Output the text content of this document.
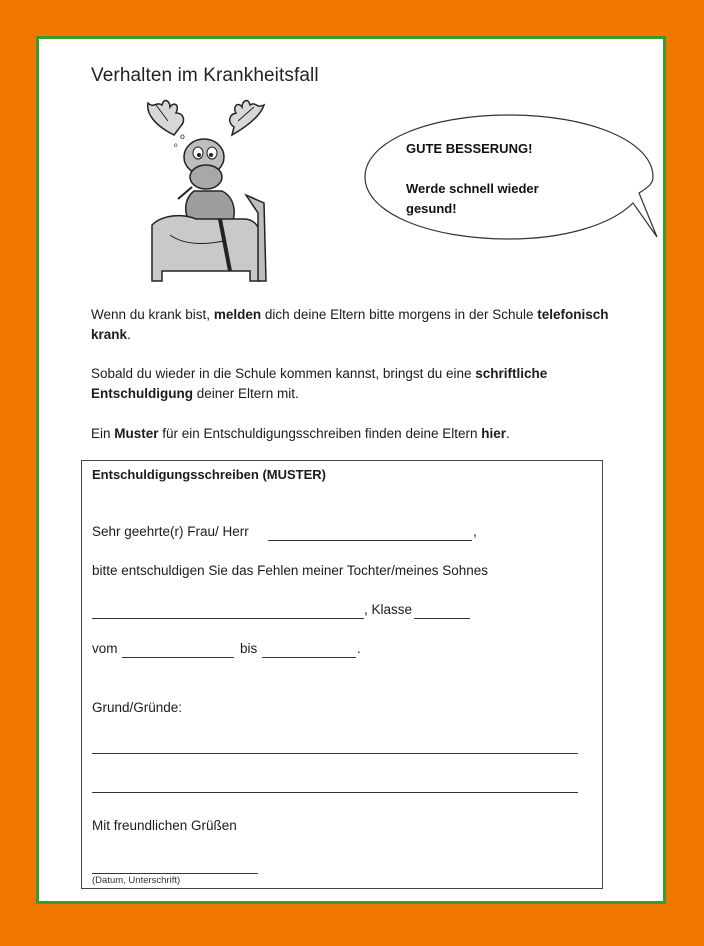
Verhalten im Krankheitsfall
o
o	GUTE BESSERUNG!
Werde schnell wieder
gesund!
Wenn du krank bist, melden dich deine Eltern bitte morgens in der Schule telefonisch krank.
Sobald du wieder in die Schule kommen kannst, bringst du eine schriftliche Entschuldigung deiner Eltern mit.
Ein Muster für ein Entschuldigungsschreiben finden deine Eltern hier.
Entschuldigungsschreiben (MUSTER)
Sehr geehrte(r) Frau/ Herr	,
bitte entschuldigen Sie das Fehlen meiner Tochter/meines Sohnes
, Klasse
vom	bis	.
Grund/Gründe:
Mit freundlichen Grüßen
(Datum, Unterschrift)
